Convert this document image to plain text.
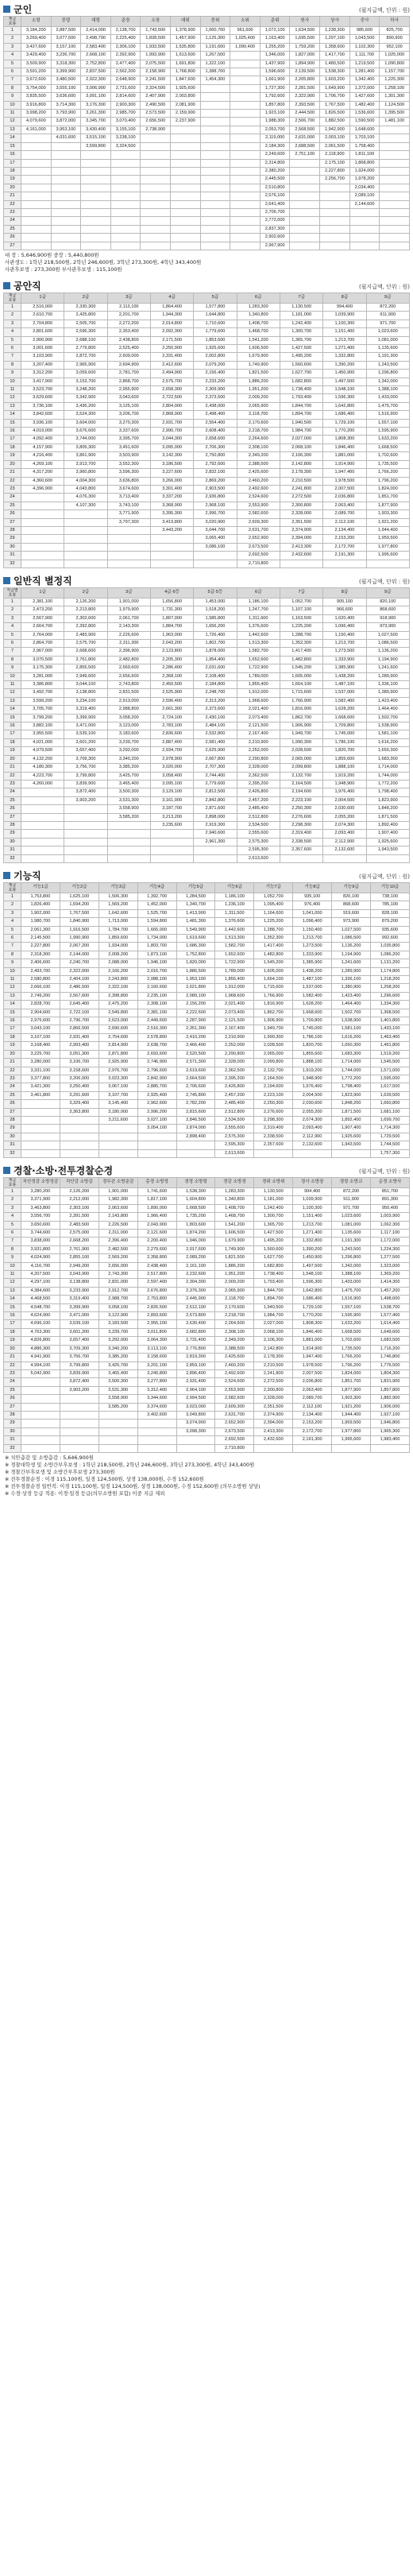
군인	(월지급액, 단위 : 원)
계급
호봉	소령	중령	대령	준장	소장	대위	중위	소위	준위	원사	상사	중사	하사
1	3,184,200	2,887,500	2,414,000	2,138,700	1,743,500	1,378,900	1,060,700	961,600	1,072,100	1,634,500	1,238,300	985,600	825,700
2	3,269,400	3,077,500	2,498,700	2,225,400	1,828,500	1,457,900	1,125,300	1,025,400	1,163,400	1,695,500	1,297,100	1,043,500	890,900
3	3,427,600	3,157,100	2,583,400	2,306,100	1,933,500	1,535,800	1,191,600	1,090,400	1,255,200	1,759,200	1,358,600	1,102,300	952,100
4	3,429,400	3,236,700	2,668,100	2,392,900	1,993,900	1,613,600	1,267,500		1,346,000	1,827,000	1,417,700	1,111,700	1,025,000
5	3,509,900	3,318,300	2,752,800	2,477,400	2,075,500	1,691,800	1,322,100		1,437,900	1,894,900	1,480,500	1,219,500	1,090,800
6	3,591,200	3,399,900	2,837,500	2,562,200	2,158,900	1,768,800	1,388,700		1,596,600	2,139,500	1,538,300	1,281,400	1,157,700
7	3,672,600	3,480,500	2,922,300	2,648,900	2,241,500	1,847,600	1,454,300		1,661,900	2,205,800	1,603,200	1,342,400	1,225,300
8	3,754,000	3,555,100	3,006,900	2,731,600	2,324,500	1,925,600			1,727,300	2,281,500	1,649,900	1,372,000	1,258,100
9	3,835,500	3,636,600	3,091,100	2,814,600	2,407,900	2,003,800			1,792,600	2,322,900	1,706,700	1,427,600	1,301,300
10	3,916,800	3,714,300	3,176,300	2,900,300	2,490,500	2,081,900			1,857,800	2,393,500	1,767,500	1,482,400	1,124,500
11	3,998,200	3,793,900	3,261,300	2,985,700	2,573,500	2,159,900			1,923,100	2,444,500	1,826,500	1,536,600	1,395,500
12	4,079,600	3,872,000	3,345,700	3,070,400	2,656,500	2,237,900			1,988,300	2,506,700	1,882,500	1,590,500	1,481,100
13	4,161,000	3,953,100	3,430,400	3,155,100	2,738,900				2,053,700	2,568,500	1,942,900	1,648,600	
14		4,031,600	3,515,100	3,238,100					2,119,000	2,631,000	2,003,100	1,703,100	
15			3,599,800	3,324,500					2,184,300	2,688,500	2,061,500	1,758,400	
16									2,249,600	2,751,100	2,118,900	1,811,100	
17									2,314,800		2,175,100	1,868,800	
18									2,380,200		2,227,800	1,924,000	
19									2,445,500		2,256,700	1,978,200	
20									2,510,800			2,034,400	
21									2,576,100			2,089,100	
22									2,641,400			2,144,600	
23									2,706,700				
24									2,772,000				
25									2,837,300				
26									2,902,600				
27									2,967,900				
대 장 : 5,646,900원 중장 : 5,440,800원
사관생도 : 1학년 218,500원, 2학년 246,600원, 3학년 273,300원, 4학년 343,400원
사관후보생 : 273,300원 부사관후보생 : 115,100원
공안직	(월지급액, 단위 : 원)
계급
호봉	1급	2급	3급	4급	5급	6급	7급	8급	9급
1	2,516,000	2,330,300	2,113,100	1,864,400	1,577,800	1,283,300	1,130,500	994,400	872,200
2	2,610,700	2,425,800	2,201,700	1,944,300	1,644,800	1,340,800	1,181,000	1,039,900	911,900
3	2,704,800	2,505,700	2,272,200	2,014,800	1,710,600	1,408,700	1,242,400	1,100,300	971,700
4	2,801,600	2,596,300	2,353,400	2,092,300	1,779,600	1,468,700	1,300,700	1,151,400	1,023,600
5	2,900,900	2,688,100	2,438,800	2,171,500	1,853,500	1,541,200	1,365,700	1,213,700	1,081,000
6	3,001,600	2,779,800	2,525,400	2,250,900	1,925,600	1,606,500	1,427,500	1,271,400	1,135,600
7	3,103,900	2,872,700	2,609,000	2,331,400	2,002,800	1,679,900	1,495,200	1,332,800	1,191,300
8	3,207,400	2,965,900	2,694,900	2,412,600	2,079,200	1,749,900	1,560,600	1,390,200	1,243,500
9	3,312,200	3,059,600	2,781,700	2,494,900	2,156,400	1,821,500	1,627,700	1,450,900	1,296,800
10	3,417,900	3,153,700	2,868,700	2,575,700	2,233,200	1,886,200	1,682,800	1,497,500	1,342,000
11	3,523,700	3,248,200	2,955,900	2,658,300	2,309,900	1,951,200	1,738,400	1,548,100	1,388,100
12	3,629,600	3,342,900	3,043,600	2,722,500	2,373,500	2,009,200	1,793,400	1,596,300	1,433,000
13	3,736,100	3,436,200	3,125,100	2,804,000	2,438,000	2,065,900	1,844,700	1,642,800	1,475,700
14	3,842,600	3,524,300	3,206,700	2,868,900	2,498,400	2,118,700	1,894,700	1,686,400	1,516,900
15	3,936,100	3,604,000	3,270,300	2,931,700	2,554,400	2,170,600	1,940,500	1,729,100	1,557,100
16	4,019,000	3,676,600	3,337,600	2,990,700	2,608,400	2,218,700	1,984,700	1,770,200	1,595,900
17	4,092,400	3,744,000	3,395,700	3,044,300	2,658,600	2,264,600	2,027,000	1,808,300	1,633,200
18	4,157,900	3,805,300	3,451,600	3,095,000	2,706,300	2,308,100	2,068,100	1,846,400	1,668,500
19	4,216,400	3,861,900	3,503,900	3,142,300	2,750,800	2,349,200	2,106,300	1,881,000	1,702,600
20	4,269,100	3,913,700	3,552,300	3,186,500	2,792,600	2,388,500	2,142,800	1,914,900	1,735,500
21	4,317,200	3,960,800	3,596,300	3,227,600	2,832,100	2,425,600	2,178,300	1,947,400	1,766,200
22	4,360,600	4,004,300	3,636,800	3,266,000	2,869,200	2,460,200	2,210,500	1,978,500	1,796,200
23	4,396,900	4,043,800	3,674,600	3,301,400	2,903,500	2,492,600	2,241,800	2,007,500	1,824,000
24		4,076,300	3,713,400	3,337,200	2,936,800	2,524,600	2,272,500	2,036,800	1,851,700
25		4,107,300	3,743,100	3,368,900	2,968,100	2,553,900	2,300,800	2,063,400	1,877,900
26			3,771,900	3,395,300	2,996,700	2,582,600	2,328,000	2,089,700	1,903,300
27			3,797,300	3,419,800	3,020,900	2,609,300	2,351,500	2,112,100	1,921,200
28				3,443,200	3,044,700	2,631,700	2,374,900	2,134,400	1,944,400
29					3,065,400	2,652,900	2,394,000	2,153,200	1,959,500
30					3,086,100	2,673,500	2,413,300	2,172,700	1,977,800
31						2,692,500	2,432,600	2,191,300	1,995,600
32						2,710,800			
일반직 별정직	(월지급액, 단위 : 원)
직급별
호봉	1급	2급	3급	4급·6등	5급·5등	6급	7급	8급	9급
1	2,381,100	2,126,200	1,901,000	1,656,800	1,453,000	1,186,100	1,052,700	905,100	820,100
2	2,473,200	2,213,800	1,979,900	1,731,300	1,518,200	1,247,700	1,107,100	966,600	868,600
3	2,567,900	2,302,600	2,061,700	1,807,000	1,585,800	1,311,600	1,163,500	1,020,400	918,900
4	2,664,700	2,392,800	2,143,300	1,884,700	1,656,200	1,376,600	1,225,200	1,096,400	973,900
5	2,764,000	2,483,900	2,226,600	1,963,000	1,726,400	1,442,600	1,288,700	1,150,400	1,027,500
6	2,864,700	2,575,700	2,311,300	2,043,200	1,802,700	1,513,300	1,352,300	1,213,700	1,086,500
7	2,967,000	2,668,600	2,396,900	2,123,800	1,878,000	1,582,700	1,417,400	1,273,500	1,136,200
8	3,070,500	2,761,800	2,482,800	2,205,300	1,954,400	1,652,600	1,482,800	1,333,900	1,194,900
9	3,175,300	2,855,500	2,569,600	2,286,400	2,031,600	1,722,900	1,545,200	1,385,900	1,241,600
10	3,281,000	2,949,600	2,656,600	2,368,100	2,108,400	1,789,000	1,605,000	1,438,200	1,289,900
11	3,386,800	3,044,100	2,743,800	2,450,500	2,184,800	1,855,400	1,664,100	1,487,100	1,336,100
12	3,492,700	3,138,800	2,831,500	2,525,900	2,248,700	1,912,000	1,715,600	1,537,000	1,380,900
13	3,599,200	3,234,100	2,913,000	2,596,400	2,313,200	1,968,600	1,766,900	1,582,400	1,423,400
14	3,705,700	3,319,400	2,988,800	2,661,300	2,373,600	2,021,400	1,816,900	1,628,200	1,464,400
15	3,799,200	3,399,900	3,058,200	2,724,100	2,430,100	2,073,400	1,862,700	1,668,600	1,502,700
16	3,882,100	3,471,000	3,123,000	2,783,100	2,484,100	2,121,500	1,906,900	1,709,800	1,538,900
17	3,955,500	3,539,100	3,183,600	2,836,600	2,532,800	2,167,400	1,949,700	1,745,000	1,581,100
18	4,021,000	3,601,200	3,239,700	2,887,400	2,581,400	2,210,900	1,990,300	1,786,100	1,616,200
19	4,079,500	3,657,400	3,292,000	2,934,700	2,625,900	2,252,000	2,028,500	1,820,700	1,650,300
20	4,132,200	3,709,300	3,340,200	2,978,900	2,667,800	2,290,800	2,065,000	1,855,600	1,683,300
21	4,180,300	3,756,700	3,385,200	3,020,000	2,707,300	2,328,000	2,099,800	1,888,100	1,714,000
22	4,223,700	3,799,800	3,425,700	3,058,400	2,744,400	2,362,500	2,132,700	1,919,200	1,744,000
23	4,260,000	3,839,900	3,465,400	3,095,100	2,779,600	2,395,200	2,164,500	1,948,900	1,772,200
24		3,872,400	3,500,300	3,129,100	2,812,500	2,426,800	2,194,600	1,976,400	1,798,400
25		3,903,200	3,531,300	3,161,000	2,842,800	2,457,200	2,223,100	2,004,500	1,823,900
26			3,558,900	3,187,700	2,871,600	2,485,400	2,250,300	2,030,600	1,848,200
27			3,585,200	3,213,200	2,898,000	2,512,800	2,276,600	2,055,200	1,871,500
28				3,235,600	2,919,300	2,534,500	2,298,300	2,074,300	1,892,400
29					2,940,600	2,555,600	2,319,400	2,093,400	1,907,400
30					2,961,300	2,575,300	2,338,500	2,112,900	1,925,600
31						2,595,300	2,357,600	2,132,600	1,943,500
32						2,613,600			
기능직	(월지급액, 단위 : 원)
계급
호봉	기능1급	기능2급	기능3급	기능4급	기능5급	기능6급	기능7급	기능8급	기능9급	기능10급
1	1,753,800	1,625,100	1,506,300	1,392,700	1,284,500	1,186,100	1,052,700	935,100	820,100	738,100
2	1,826,400	1,694,200	1,569,200	1,452,000	1,340,700	1,236,100	1,095,400	976,400	868,600	785,100
3	1,902,000	1,767,500	1,642,600	1,525,700	1,413,900	1,311,500	1,164,600	1,041,000	919,600	828,100
4	1,980,700	1,840,900	1,713,000	1,594,800	1,481,300	1,376,600	1,225,200	1,096,400	973,900	879,200
5	2,061,300	1,916,500	1,784,700	1,665,000	1,549,900	1,442,600	1,288,700	1,150,400	1,027,500	935,600
6	2,145,500	1,990,900	1,859,600	1,734,000	1,619,600	1,513,300	1,352,300	1,213,700	1,086,500	992,600
7	2,227,800	2,067,200	1,934,000	1,803,700	1,686,300	1,582,700	1,417,400	1,273,500	1,136,200	1,035,800
8	2,318,300	2,144,000	2,008,200	1,873,100	1,752,800	1,652,600	1,482,800	1,333,900	1,194,900	1,086,200
9	2,406,600	2,240,700	2,088,000	1,946,100	1,820,000	1,722,900	1,545,200	1,385,900	1,241,600	1,131,200
10	2,493,700	2,322,000	2,166,200	2,016,700	1,886,500	1,789,000	1,605,000	1,438,200	1,289,900	1,174,800
11	2,580,800	2,404,100	2,243,800	2,088,100	1,953,100	1,855,400	1,664,100	1,487,100	1,336,100	1,218,200
12	2,666,100	2,486,500	2,322,100	2,160,600	2,021,800	1,912,000	1,715,600	1,537,000	1,380,900	1,258,200
13	2,749,200	2,567,600	2,398,800	2,235,100	2,089,100	1,968,600	1,766,900	1,582,400	1,423,400	1,296,600
14	2,828,700	2,645,400	2,475,200	2,308,100	2,156,200	2,021,400	1,816,900	1,628,200	1,464,400	1,334,300
15	2,904,600	2,722,100	2,549,800	2,381,100	2,222,600	2,073,400	1,862,700	1,668,600	1,502,700	1,368,500
16	2,975,600	2,796,700	2,623,000	2,449,600	2,287,900	2,121,500	1,906,900	1,709,800	1,538,900	1,401,800
17	3,043,100	2,866,500	2,690,600	2,516,300	2,351,300	2,167,400	1,949,700	1,745,000	1,581,100	1,433,100
18	3,107,100	2,931,400	2,754,600	2,578,800	2,410,200	2,210,900	1,990,300	1,786,100	1,616,200	1,463,400
19	3,168,400	2,993,400	2,814,900	2,638,700	2,466,400	2,252,000	2,028,500	1,820,700	1,650,300	1,491,800
20	3,225,700	3,051,300	2,871,800	2,693,600	2,520,500	2,290,800	2,065,000	1,855,600	1,683,300	1,519,200
21	3,280,000	3,106,700	2,925,900	2,746,900	2,571,300	2,328,000	2,099,800	1,888,100	1,714,000	1,545,500
22	3,331,100	3,158,600	2,976,700	2,796,600	2,619,600	2,362,500	2,132,700	1,919,200	1,744,000	1,571,000
23	3,377,800	3,206,000	3,023,300	2,842,900	2,664,500	2,395,200	2,164,500	1,948,900	1,772,200	1,595,000
24	3,421,300	3,250,400	3,067,100	2,885,700	2,706,600	2,426,800	2,194,600	1,976,400	1,798,400	1,617,500
25	3,461,800	3,291,600	3,107,700	2,925,400	2,745,800	2,457,200	2,223,100	2,004,500	1,823,900	1,639,500
26		3,329,400	3,145,400	2,962,600	2,782,200	2,485,400	2,250,300	2,030,600	1,848,200	1,660,800
27		3,363,800	3,180,000	2,996,200	2,815,600	2,512,800	2,276,600	2,055,200	1,871,500	1,681,100
28			3,211,600	3,027,100	2,846,500	2,534,500	2,298,300	2,074,300	1,892,400	1,699,700
29				3,054,100	2,874,000	2,555,600	2,319,400	2,093,400	1,907,400	1,714,300
30					2,898,400	2,575,300	2,338,500	2,112,900	1,925,600	1,729,500
31						2,595,300	2,357,600	2,132,600	1,943,500	1,744,500
32						2,613,600				1,757,300
경찰·소방·전투경찰순경	(월지급액, 단위 : 원)
계급
호봉	치안정감 소방정감	치안감 소방감	경무관 소방준감	총경 소방정	경정 소방령	경감 소방경	경위 소방위	경사 소방장	경장 소방교	순경 소방사
1	3,280,200	2,126,200	1,901,000	1,741,600	1,538,300	1,283,300	1,130,500	994,400	872,200	851,700
2	3,371,900	2,212,000	1,982,300	1,817,100	1,604,800	1,340,800	1,181,000	1,039,900	911,900	891,300
3	3,463,800	2,303,100	2,063,600	1,890,000	1,668,500	1,408,700	1,242,400	1,100,300	971,700	950,400
4	3,556,700	2,391,500	2,143,800	1,966,400	1,735,200	1,468,700	1,300,700	1,151,400	1,023,600	1,003,900
5	3,650,600	2,483,500	2,226,500	2,043,900	1,803,600	1,541,200	1,365,700	1,213,700	1,081,000	1,062,300
6	3,744,600	2,575,000	2,311,000	2,121,600	1,874,200	1,606,500	1,427,500	1,271,400	1,135,600	1,117,100
7	3,838,000	2,668,200	2,396,400	2,200,400	1,946,000	1,679,900	1,495,200	1,332,800	1,191,300	1,172,000
8	3,931,800	2,761,900	2,482,500	2,279,600	2,017,600	1,749,900	1,560,600	1,390,200	1,243,500	1,224,300
9	4,024,900	2,855,100	2,569,200	2,358,800	2,089,200	1,821,500	1,627,700	1,450,900	1,296,800	1,277,500
10	4,116,700	2,949,200	2,656,000	2,438,400	2,161,100	1,886,200	1,682,800	1,497,500	1,342,000	1,323,000
11	4,207,500	3,043,900	2,743,300	2,517,800	2,232,600	1,951,200	1,738,400	1,548,100	1,388,100	1,369,200
12	4,297,100	3,138,800	2,831,000	2,597,400	2,304,300	2,009,200	1,793,400	1,596,300	1,433,000	1,414,300
13	4,384,600	3,233,900	2,912,700	2,676,800	2,376,300	2,065,900	1,844,700	1,642,800	1,475,700	1,457,200
14	4,468,500	3,319,400	2,988,700	2,753,800	2,445,900	2,118,700	1,894,700	1,686,400	1,516,900	1,498,600
15	4,548,700	3,399,900	3,058,100	2,826,500	2,512,100	2,170,600	1,940,500	1,729,100	1,557,100	1,538,700
16	4,624,900	3,471,000	3,122,900	2,893,600	2,573,800	2,218,700	1,984,700	1,770,200	1,595,900	1,577,400
17	4,696,100	3,539,100	3,183,500	2,955,100	2,630,400	2,264,600	2,027,000	1,808,300	1,633,200	1,614,400
18	4,763,300	3,601,200	3,239,700	3,011,800	2,682,800	2,308,100	2,068,100	1,846,400	1,668,500	1,649,600
19	4,826,800	3,657,400	3,292,000	3,064,300	2,731,400	2,349,200	2,106,300	1,881,000	1,702,600	1,683,500
20	4,886,300	3,709,300	3,340,200	3,113,100	2,776,800	2,388,500	2,142,800	1,914,900	1,735,500	1,716,200
21	4,941,900	3,756,700	3,385,200	3,158,600	2,819,300	2,425,600	2,178,300	1,947,400	1,766,200	1,746,800
22	4,994,100	3,799,800	3,425,700	3,201,100	2,859,100	2,460,200	2,210,500	1,978,500	1,796,200	1,776,500
23	5,042,900	3,839,900	3,465,400	3,240,800	2,896,400	2,492,600	2,241,800	2,007,500	1,824,000	1,804,300
24		3,872,400	3,500,300	3,277,800	2,931,400	2,524,600	2,272,500	2,036,800	1,851,700	1,831,900
25		3,903,200	3,531,300	3,312,400	2,964,100	2,553,900	2,300,800	2,063,400	1,877,900	1,857,800
26			3,558,900	3,344,600	2,994,500	2,582,600	2,328,000	2,089,700	1,903,300	1,882,900
27			3,585,200	3,374,600	3,023,000	2,609,300	2,351,500	2,112,100	1,921,200	1,906,000
28				3,402,600	3,049,800	2,631,700	2,374,900	2,134,400	1,944,400	1,927,100
29					3,074,900	2,652,900	2,394,000	2,153,200	1,959,500	1,946,800
30					3,098,300	2,673,500	2,413,300	2,172,700	1,977,800	1,965,300
31						2,692,500	2,432,600	2,191,300	1,995,600	1,983,400
32						2,710,800				
※ 치안총감 및 소방총감 : 5,646,900원
※ 경찰대학생 및 소방간부후보생 : 1학년 218,500원, 2학년 246,600원, 3학년 273,300원, 4학년 343,400원
※ 경찰간부후보생 및 소방간부후보생 273,300원
※ 전투경찰순경 : 이경 115,100원, 일경 124,500원, 상경 138,000원, 수경 152,600원
※ 전투경찰순경 일반직: 이경 115,100원, 일경 124,500원, 상경 138,000원, 수경 152,600원 (의무소방원 상당)
※ 수경·상경 등급 적용: 이경·일경 등급(의무소방원 포함) 이중 지급 제외
